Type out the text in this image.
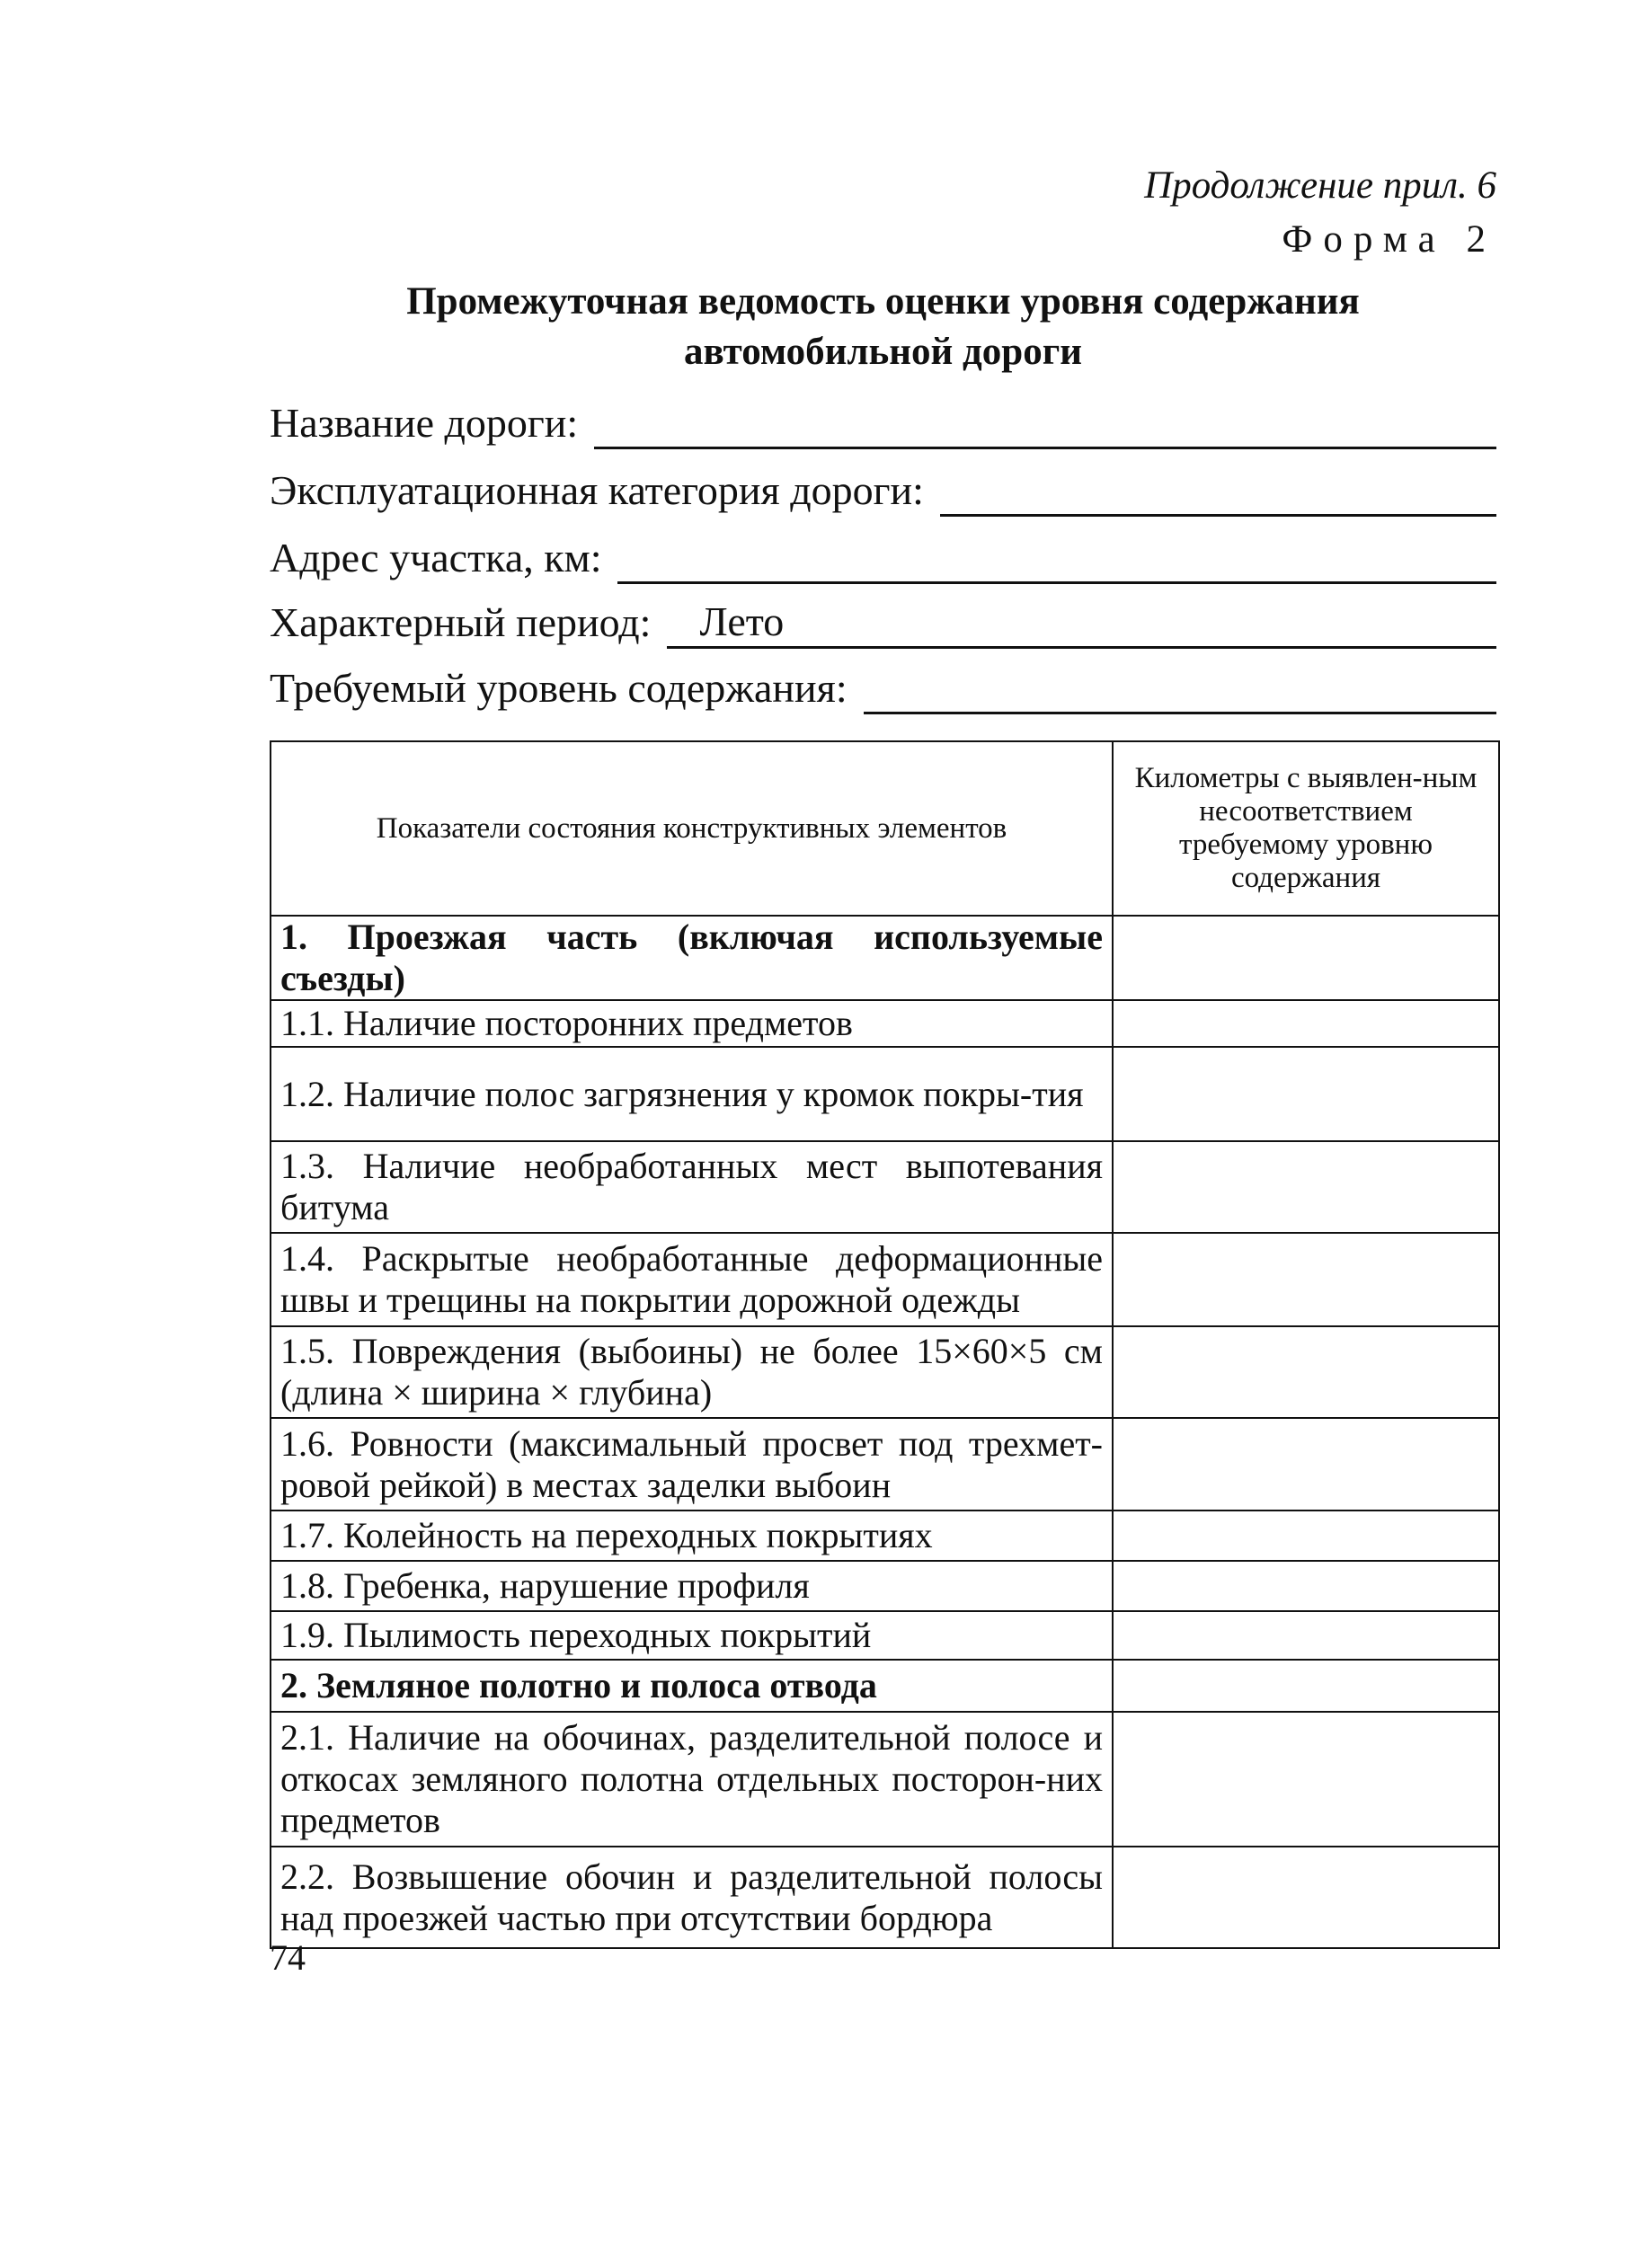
Продолжение прил. 6
Форма 2
Промежуточная ведомость оценки уровня содержания
автомобильной дороги
Название дороги:
Эксплуатационная категория дороги:
Адрес участка, км:
Характерный период:	Лето
Требуемый уровень содержания:
Показатели состояния конструктивных элементов	Километры с выявлен-ным несоответствием требуемому уровню содержания
1. Проезжая часть (включая используемые съезды)	
1.1. Наличие посторонних предметов	
1.2. Наличие полос загрязнения у кромок покры-тия	
1.3. Наличие необработанных мест выпотевания битума	
1.4. Раскрытые необработанные деформационные швы и трещины на покрытии дорожной одежды	
1.5. Повреждения (выбоины) не более 15×60×5 см (длина × ширина × глубина)	
1.6. Ровности (максимальный просвет под трехмет-ровой рейкой) в местах заделки выбоин	
1.7. Колейность на переходных покрытиях	
1.8. Гребенка, нарушение профиля	
1.9. Пылимость переходных покрытий	
2. Земляное полотно и полоса отвода	
2.1. Наличие на обочинах, разделительной полосе и откосах земляного полотна отдельных посторон-них предметов	
2.2. Возвышение обочин и разделительной полосы над проезжей частью при отсутствии бордюра	
74
